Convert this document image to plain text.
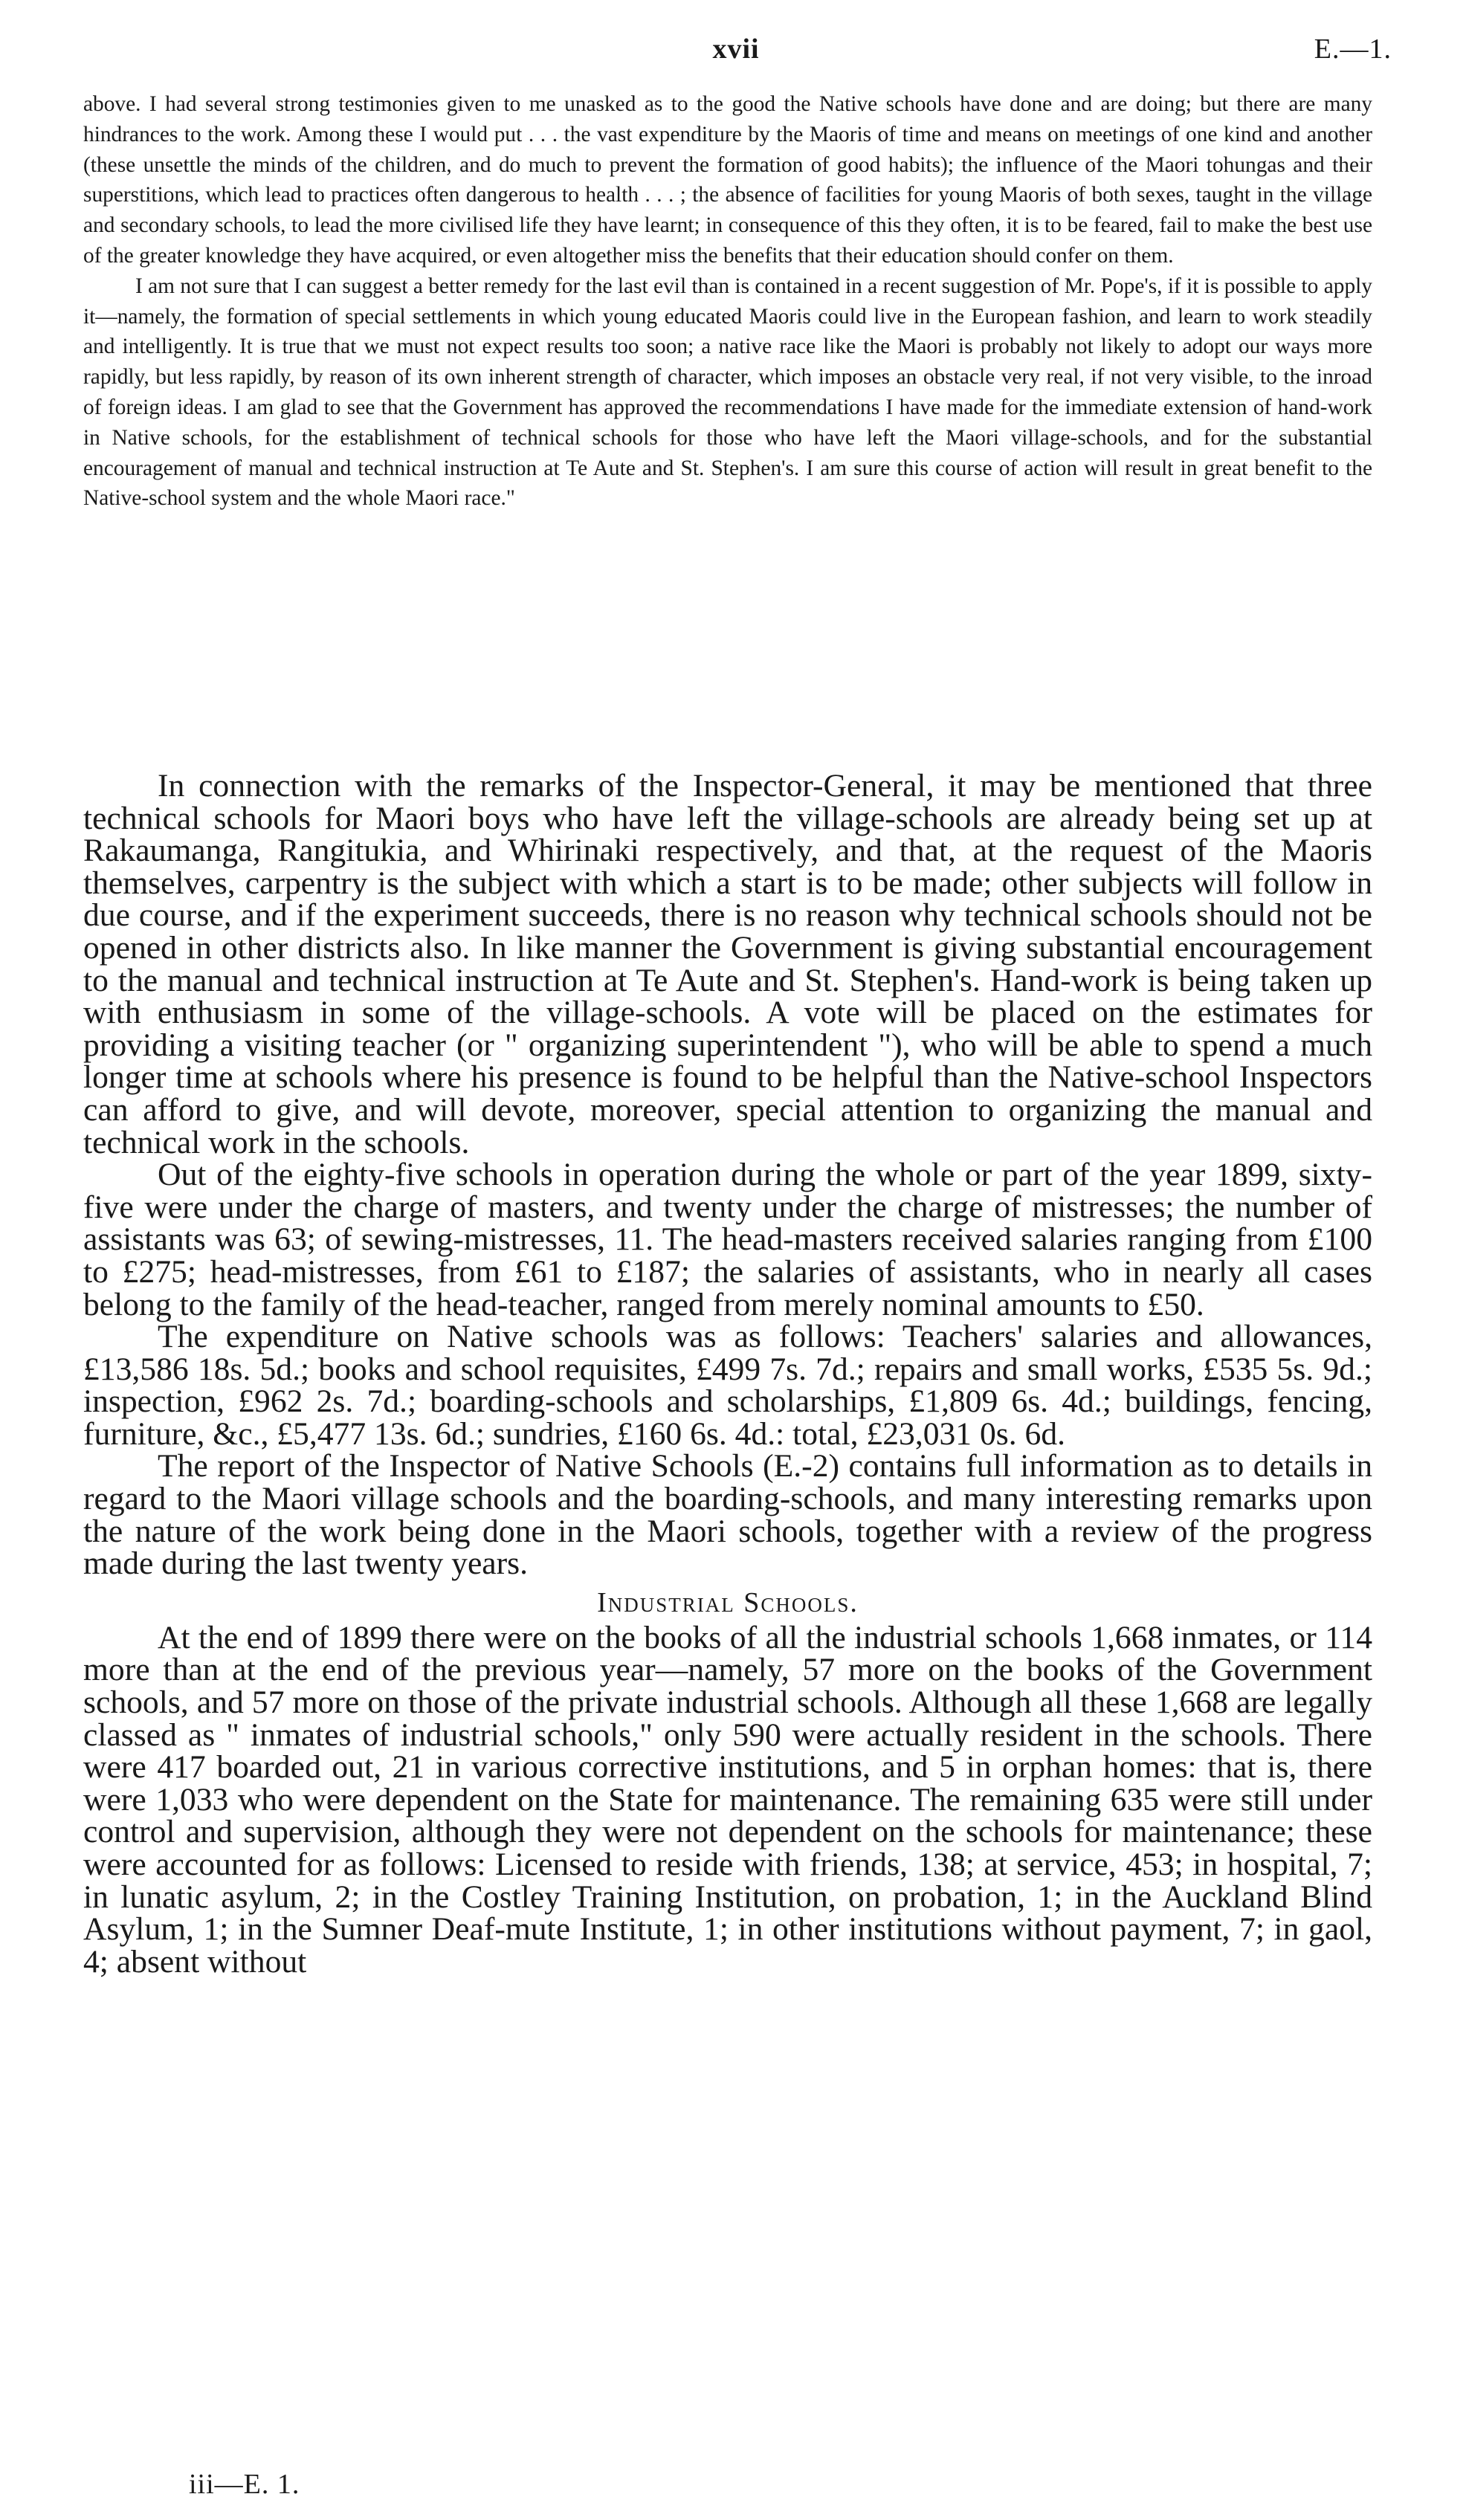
xvii	E.—1.

above. I had several strong testimonies given to me unasked as to the good the Native schools have done and are doing; but there are many hindrances to the work. Among these I would put . . . the vast expenditure by the Maoris of time and means on meetings of one kind and another (these unsettle the minds of the children, and do much to prevent the formation of good habits); the influence of the Maori tohungas and their superstitions, which lead to practices often dangerous to health . . . ; the absence of facilities for young Maoris of both sexes, taught in the village and secondary schools, to lead the more civilised life they have learnt; in consequence of this they often, it is to be feared, fail to make the best use of the greater knowledge they have acquired, or even altogether miss the benefits that their education should confer on them.

I am not sure that I can suggest a better remedy for the last evil than is contained in a recent suggestion of Mr. Pope's, if it is possible to apply it—namely, the formation of special settlements in which young educated Maoris could live in the European fashion, and learn to work steadily and intelligently. It is true that we must not expect results too soon; a native race like the Maori is probably not likely to adopt our ways more rapidly, but less rapidly, by reason of its own inherent strength of character, which imposes an obstacle very real, if not very visible, to the inroad of foreign ideas. I am glad to see that the Government has approved the recommendations I have made for the immediate extension of hand-work in Native schools, for the establishment of technical schools for those who have left the Maori village-schools, and for the substantial encouragement of manual and technical instruction at Te Aute and St. Stephen's. I am sure this course of action will result in great benefit to the Native-school system and the whole Maori race."

In connection with the remarks of the Inspector-General, it may be mentioned that three technical schools for Maori boys who have left the village-schools are already being set up at Rakaumanga, Rangitukia, and Whirinaki respectively, and that, at the request of the Maoris themselves, carpentry is the subject with which a start is to be made; other subjects will follow in due course, and if the experiment succeeds, there is no reason why technical schools should not be opened in other districts also. In like manner the Government is giving substantial encouragement to the manual and technical instruction at Te Aute and St. Stephen's. Hand-work is being taken up with enthusiasm in some of the village-schools. A vote will be placed on the estimates for providing a visiting teacher (or " organizing superintendent "), who will be able to spend a much longer time at schools where his presence is found to be helpful than the Native-school Inspectors can afford to give, and will devote, moreover, special attention to organizing the manual and technical work in the schools.

Out of the eighty-five schools in operation during the whole or part of the year 1899, sixty-five were under the charge of masters, and twenty under the charge of mistresses; the number of assistants was 63; of sewing-mistresses, 11. The head-masters received salaries ranging from £100 to £275; head-mistresses, from £61 to £187; the salaries of assistants, who in nearly all cases belong to the family of the head-teacher, ranged from merely nominal amounts to £50.

The expenditure on Native schools was as follows: Teachers' salaries and allowances, £13,586 18s. 5d.; books and school requisites, £499 7s. 7d.; repairs and small works, £535 5s. 9d.; inspection, £962 2s. 7d.; boarding-schools and scholarships, £1,809 6s. 4d.; buildings, fencing, furniture, &c., £5,477 13s. 6d.; sundries, £160 6s. 4d.: total, £23,031 0s. 6d.

The report of the Inspector of Native Schools (E.-2) contains full information as to details in regard to the Maori village schools and the boarding-schools, and many interesting remarks upon the nature of the work being done in the Maori schools, together with a review of the progress made during the last twenty years.

Industrial Schools.

At the end of 1899 there were on the books of all the industrial schools 1,668 inmates, or 114 more than at the end of the previous year—namely, 57 more on the books of the Government schools, and 57 more on those of the private industrial schools. Although all these 1,668 are legally classed as " inmates of industrial schools," only 590 were actually resident in the schools. There were 417 boarded out, 21 in various corrective institutions, and 5 in orphan homes: that is, there were 1,033 who were dependent on the State for maintenance. The remaining 635 were still under control and supervision, although they were not dependent on the schools for maintenance; these were accounted for as follows: Licensed to reside with friends, 138; at service, 453; in hospital, 7; in lunatic asylum, 2; in the Costley Training Institution, on probation, 1; in the Auckland Blind Asylum, 1; in the Sumner Deaf-mute Institute, 1; in other institutions without payment, 7; in gaol, 4; absent without

iii—E. 1.
